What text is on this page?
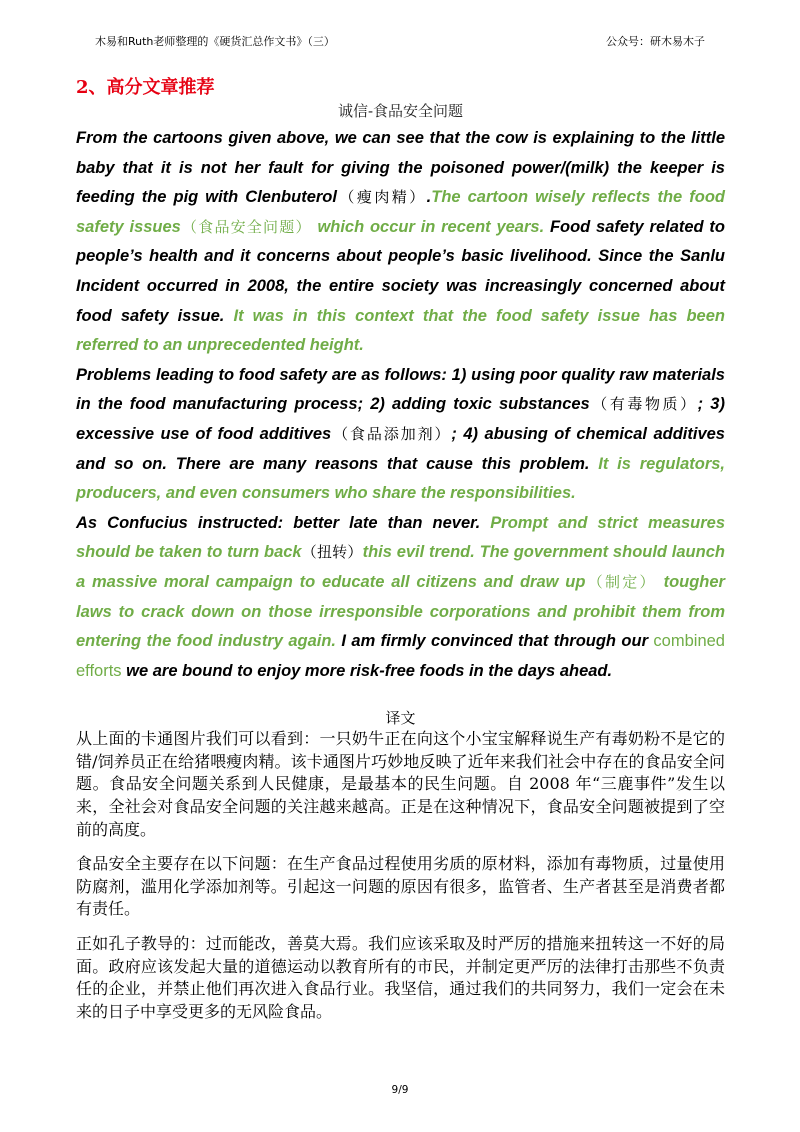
木易和Ruth老师整理的《硬货汇总作文书》（三）	公众号：研木易木子
2、高分文章推荐
诚信-食品安全问题

From the cartoons given above, we can see that the cow is explaining to the little baby that it is not her fault for giving the poisoned power/(milk) the keeper is feeding the pig with Clenbuterol（瘦肉精）.The cartoon wisely reflects the food safety issues（食品安全问题） which occur in recent years. Food safety related to people’s health and it concerns about people’s basic livelihood. Since the Sanlu Incident occurred in 2008, the entire society was increasingly concerned about food safety issue. It was in this context that the food safety issue has been referred to an unprecedented height.

Problems leading to food safety are as follows: 1) using poor quality raw materials in the food manufacturing process; 2) adding toxic substances（有毒物质）; 3) excessive use of food additives（食品添加剂）; 4) abusing of chemical additives and so on. There are many reasons that cause this problem. It is regulators, producers, and even consumers who share the responsibilities.

As Confucius instructed: better late than never. Prompt and strict measures should be taken to turn back（扭转）this evil trend. The government should launch a massive moral campaign to educate all citizens and draw up（制定） tougher laws to crack down on those irresponsible corporations and prohibit them from entering the food industry again. I am firmly convinced that through our combined efforts we are bound to enjoy more risk-free foods in the days ahead.

译文

从上面的卡通图片我们可以看到：一只奶牛正在向这个小宝宝解释说生产有毒奶粉不是它的错/饲养员正在给猪喂瘦肉精。该卡通图片巧妙地反映了近年来我们社会中存在的食品安全问题。食品安全问题关系到人民健康，是最基本的民生问题。自 2008 年“三鹿事件”发生以来，全社会对食品安全问题的关注越来越高。正是在这种情况下，食品安全问题被提到了空前的高度。

食品安全主要存在以下问题：在生产食品过程使用劣质的原材料，添加有毒物质，过量使用防腐剂，滥用化学添加剂等。引起这一问题的原因有很多，监管者、生产者甚至是消费者都有责任。

正如孔子教导的：过而能改，善莫大焉。我们应该采取及时严厉的措施来扭转这一不好的局面。政府应该发起大量的道德运动以教育所有的市民，并制定更严厉的法律打击那些不负责任的企业，并禁止他们再次进入食品行业。我坚信，通过我们的共同努力，我们一定会在未来的日子中享受更多的无风险食品。

9/9
